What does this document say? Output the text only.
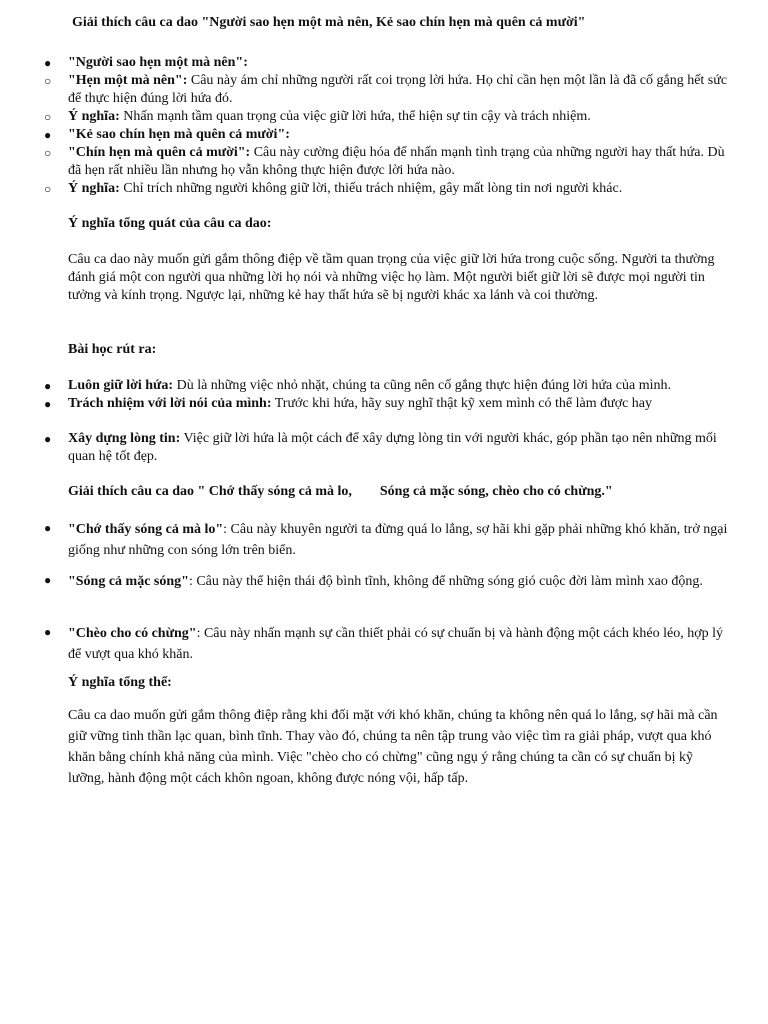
Giải thích câu ca dao "Người sao hẹn một mà nên, Kẻ sao chín hẹn mà quên cả mười"
● "Người sao hẹn một mà nên":
○ "Hẹn một mà nên": Câu này ám chỉ những người rất coi trọng lời hứa. Họ chỉ cần hẹn một lần là đã cố gắng hết sức để thực hiện đúng lời hứa đó.
○ Ý nghĩa: Nhấn mạnh tầm quan trọng của việc giữ lời hứa, thể hiện sự tin cậy và trách nhiệm.
● "Kẻ sao chín hẹn mà quên cả mười":
○ "Chín hẹn mà quên cả mười": Câu này cường điệu hóa để nhấn mạnh tình trạng của những người hay thất hứa. Dù đã hẹn rất nhiều lần nhưng họ vẫn không thực hiện được lời hứa nào.
○ Ý nghĩa: Chỉ trích những người không giữ lời, thiếu trách nhiệm, gây mất lòng tin nơi người khác.
Ý nghĩa tổng quát của câu ca dao:
Câu ca dao này muốn gửi gắm thông điệp về tầm quan trọng của việc giữ lời hứa trong cuộc sống. Người ta thường đánh giá một con người qua những lời họ nói và những việc họ làm. Một người biết giữ lời sẽ được mọi người tin tưởng và kính trọng. Ngược lại, những kẻ hay thất hứa sẽ bị người khác xa lánh và coi thường.
Bài học rút ra:
● Luôn giữ lời hứa: Dù là những việc nhỏ nhặt, chúng ta cũng nên cố gắng thực hiện đúng lời hứa của mình.
● Trách nhiệm với lời nói của mình: Trước khi hứa, hãy suy nghĩ thật kỹ xem mình có thể làm được hay
● Xây dựng lòng tin: Việc giữ lời hứa là một cách để xây dựng lòng tin với người khác, góp phần tạo nên những mối quan hệ tốt đẹp.
Giải thích câu ca dao " Chớ thấy sóng cả mà lo, Sóng cả mặc sóng, chèo cho có chừng."
● "Chớ thấy sóng cả mà lo": Câu này khuyên người ta đừng quá lo lắng, sợ hãi khi gặp phải những khó khăn, trở ngại giống như những con sóng lớn trên biển.
● "Sóng cả mặc sóng": Câu này thể hiện thái độ bình tĩnh, không để những sóng gió cuộc đời làm mình xao động.
● "Chèo cho có chừng": Câu này nhấn mạnh sự cần thiết phải có sự chuẩn bị và hành động một cách khéo léo, hợp lý để vượt qua khó khăn.
Ý nghĩa tổng thể:
Câu ca dao muốn gửi gắm thông điệp rằng khi đối mặt với khó khăn, chúng ta không nên quá lo lắng, sợ hãi mà cần giữ vững tinh thần lạc quan, bình tĩnh. Thay vào đó, chúng ta nên tập trung vào việc tìm ra giải pháp, vượt qua khó khăn bằng chính khả năng của mình. Việc "chèo cho có chừng" cũng ngụ ý rằng chúng ta cần có sự chuẩn bị kỹ lưỡng, hành động một cách khôn ngoan, không được nóng vội, hấp tấp.
